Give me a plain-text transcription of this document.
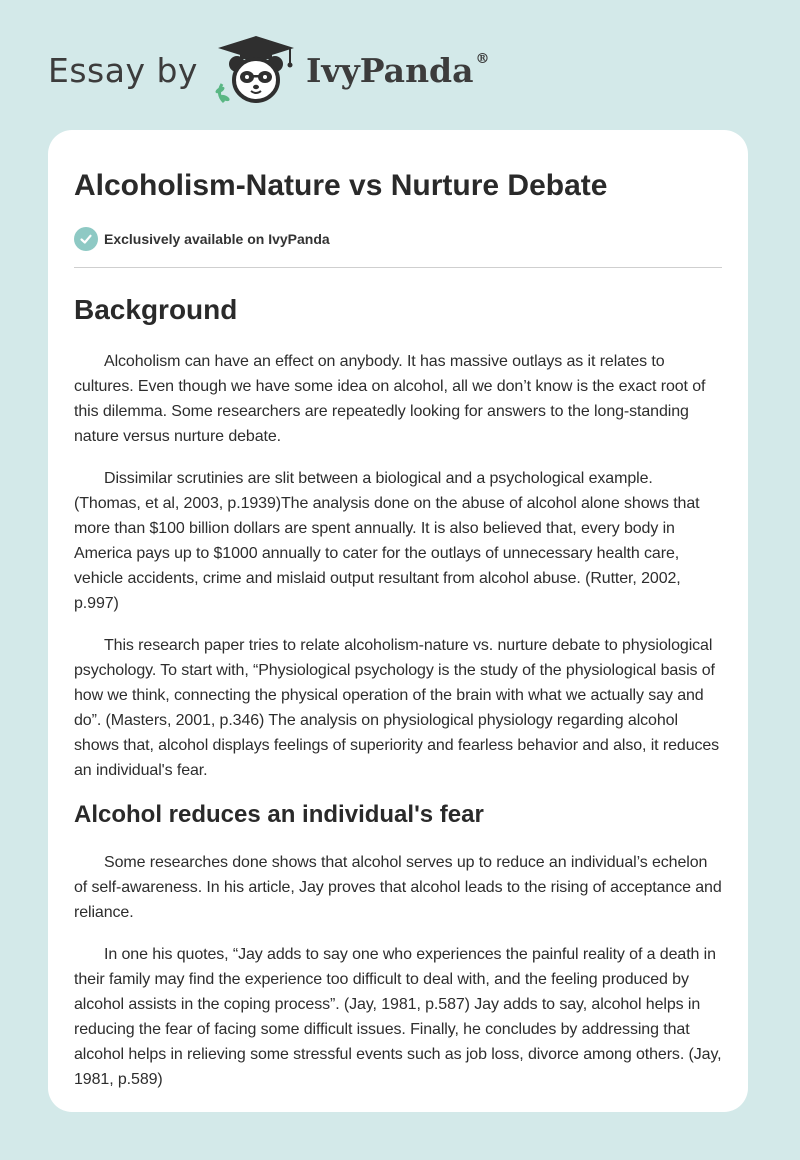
Essay by	IvyPanda ®
Alcoholism-Nature vs Nurture Debate
Exclusively available on IvyPanda
Background

Alcoholism can have an effect on anybody. It has massive outlays as it relates to cultures. Even though we have some idea on alcohol, all we don’t know is the exact root of this dilemma. Some researchers are repeatedly looking for answers to the long-standing nature versus nurture debate.

Dissimilar scrutinies are slit between a biological and a psychological example. (Thomas, et al, 2003, p.1939)The analysis done on the abuse of alcohol alone shows that more than $100 billion dollars are spent annually. It is also believed that, every body in America pays up to $1000 annually to cater for the outlays of unnecessary health care, vehicle accidents, crime and mislaid output resultant from alcohol abuse. (Rutter, 2002, p.997)

This research paper tries to relate alcoholism-nature vs. nurture debate to physiological psychology. To start with, “Physiological psychology is the study of the physiological basis of how we think, connecting the physical operation of the brain with what we actually say and do”. (Masters, 2001, p.346) The analysis on physiological physiology regarding alcohol shows that, alcohol displays feelings of superiority and fearless behavior and also, it reduces an individual's fear.

Alcohol reduces an individual's fear

Some researches done shows that alcohol serves up to reduce an individual’s echelon of self-awareness. In his article, Jay proves that alcohol leads to the rising of acceptance and reliance.

In one his quotes, “Jay adds to say one who experiences the painful reality of a death in their family may find the experience too difficult to deal with, and the feeling produced by alcohol assists in the coping process”. (Jay, 1981, p.587) Jay adds to say, alcohol helps in reducing the fear of facing some difficult issues. Finally, he concludes by addressing that alcohol helps in relieving some stressful events such as job loss, divorce among others. (Jay, 1981, p.589)
